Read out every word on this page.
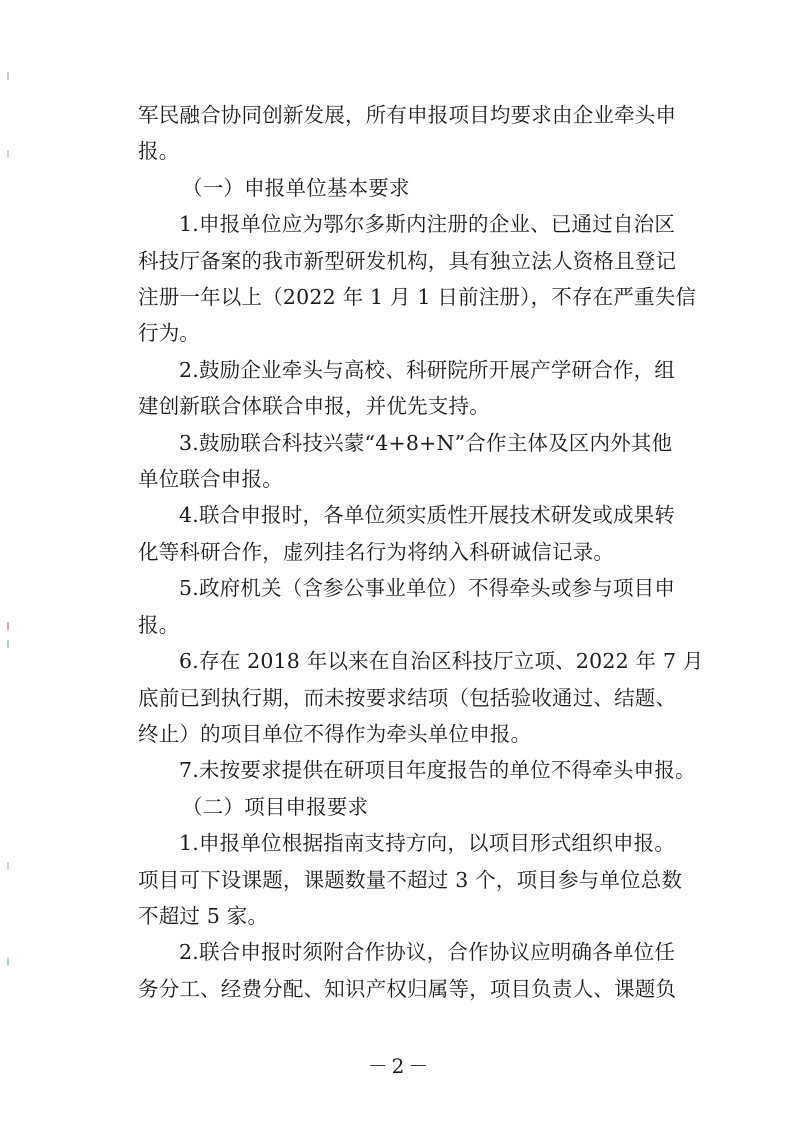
军民融合协同创新发展，所有申报项目均要求由企业牵头申
报。
（一）申报单位基本要求
1.申报单位应为鄂尔多斯内注册的企业、已通过自治区
科技厅备案的我市新型研发机构，具有独立法人资格且登记
注册一年以上（2022 年 1 月 1 日前注册），不存在严重失信
行为。
2.鼓励企业牵头与高校、科研院所开展产学研合作，组
建创新联合体联合申报，并优先支持。
3.鼓励联合科技兴蒙“4+8+N”合作主体及区内外其他
单位联合申报。
4.联合申报时，各单位须实质性开展技术研发或成果转
化等科研合作，虚列挂名行为将纳入科研诚信记录。
5.政府机关（含参公事业单位）不得牵头或参与项目申
报。
6.存在 2018 年以来在自治区科技厅立项、2022 年 7 月
底前已到执行期，而未按要求结项（包括验收通过、结题、
终止）的项目单位不得作为牵头单位申报。
7.未按要求提供在研项目年度报告的单位不得牵头申报。
（二）项目申报要求
1.申报单位根据指南支持方向，以项目形式组织申报。
项目可下设课题，课题数量不超过 3 个，项目参与单位总数
不超过 5 家。
2.联合申报时须附合作协议，合作协议应明确各单位任
务分工、经费分配、知识产权归属等，项目负责人、课题负
－2－
